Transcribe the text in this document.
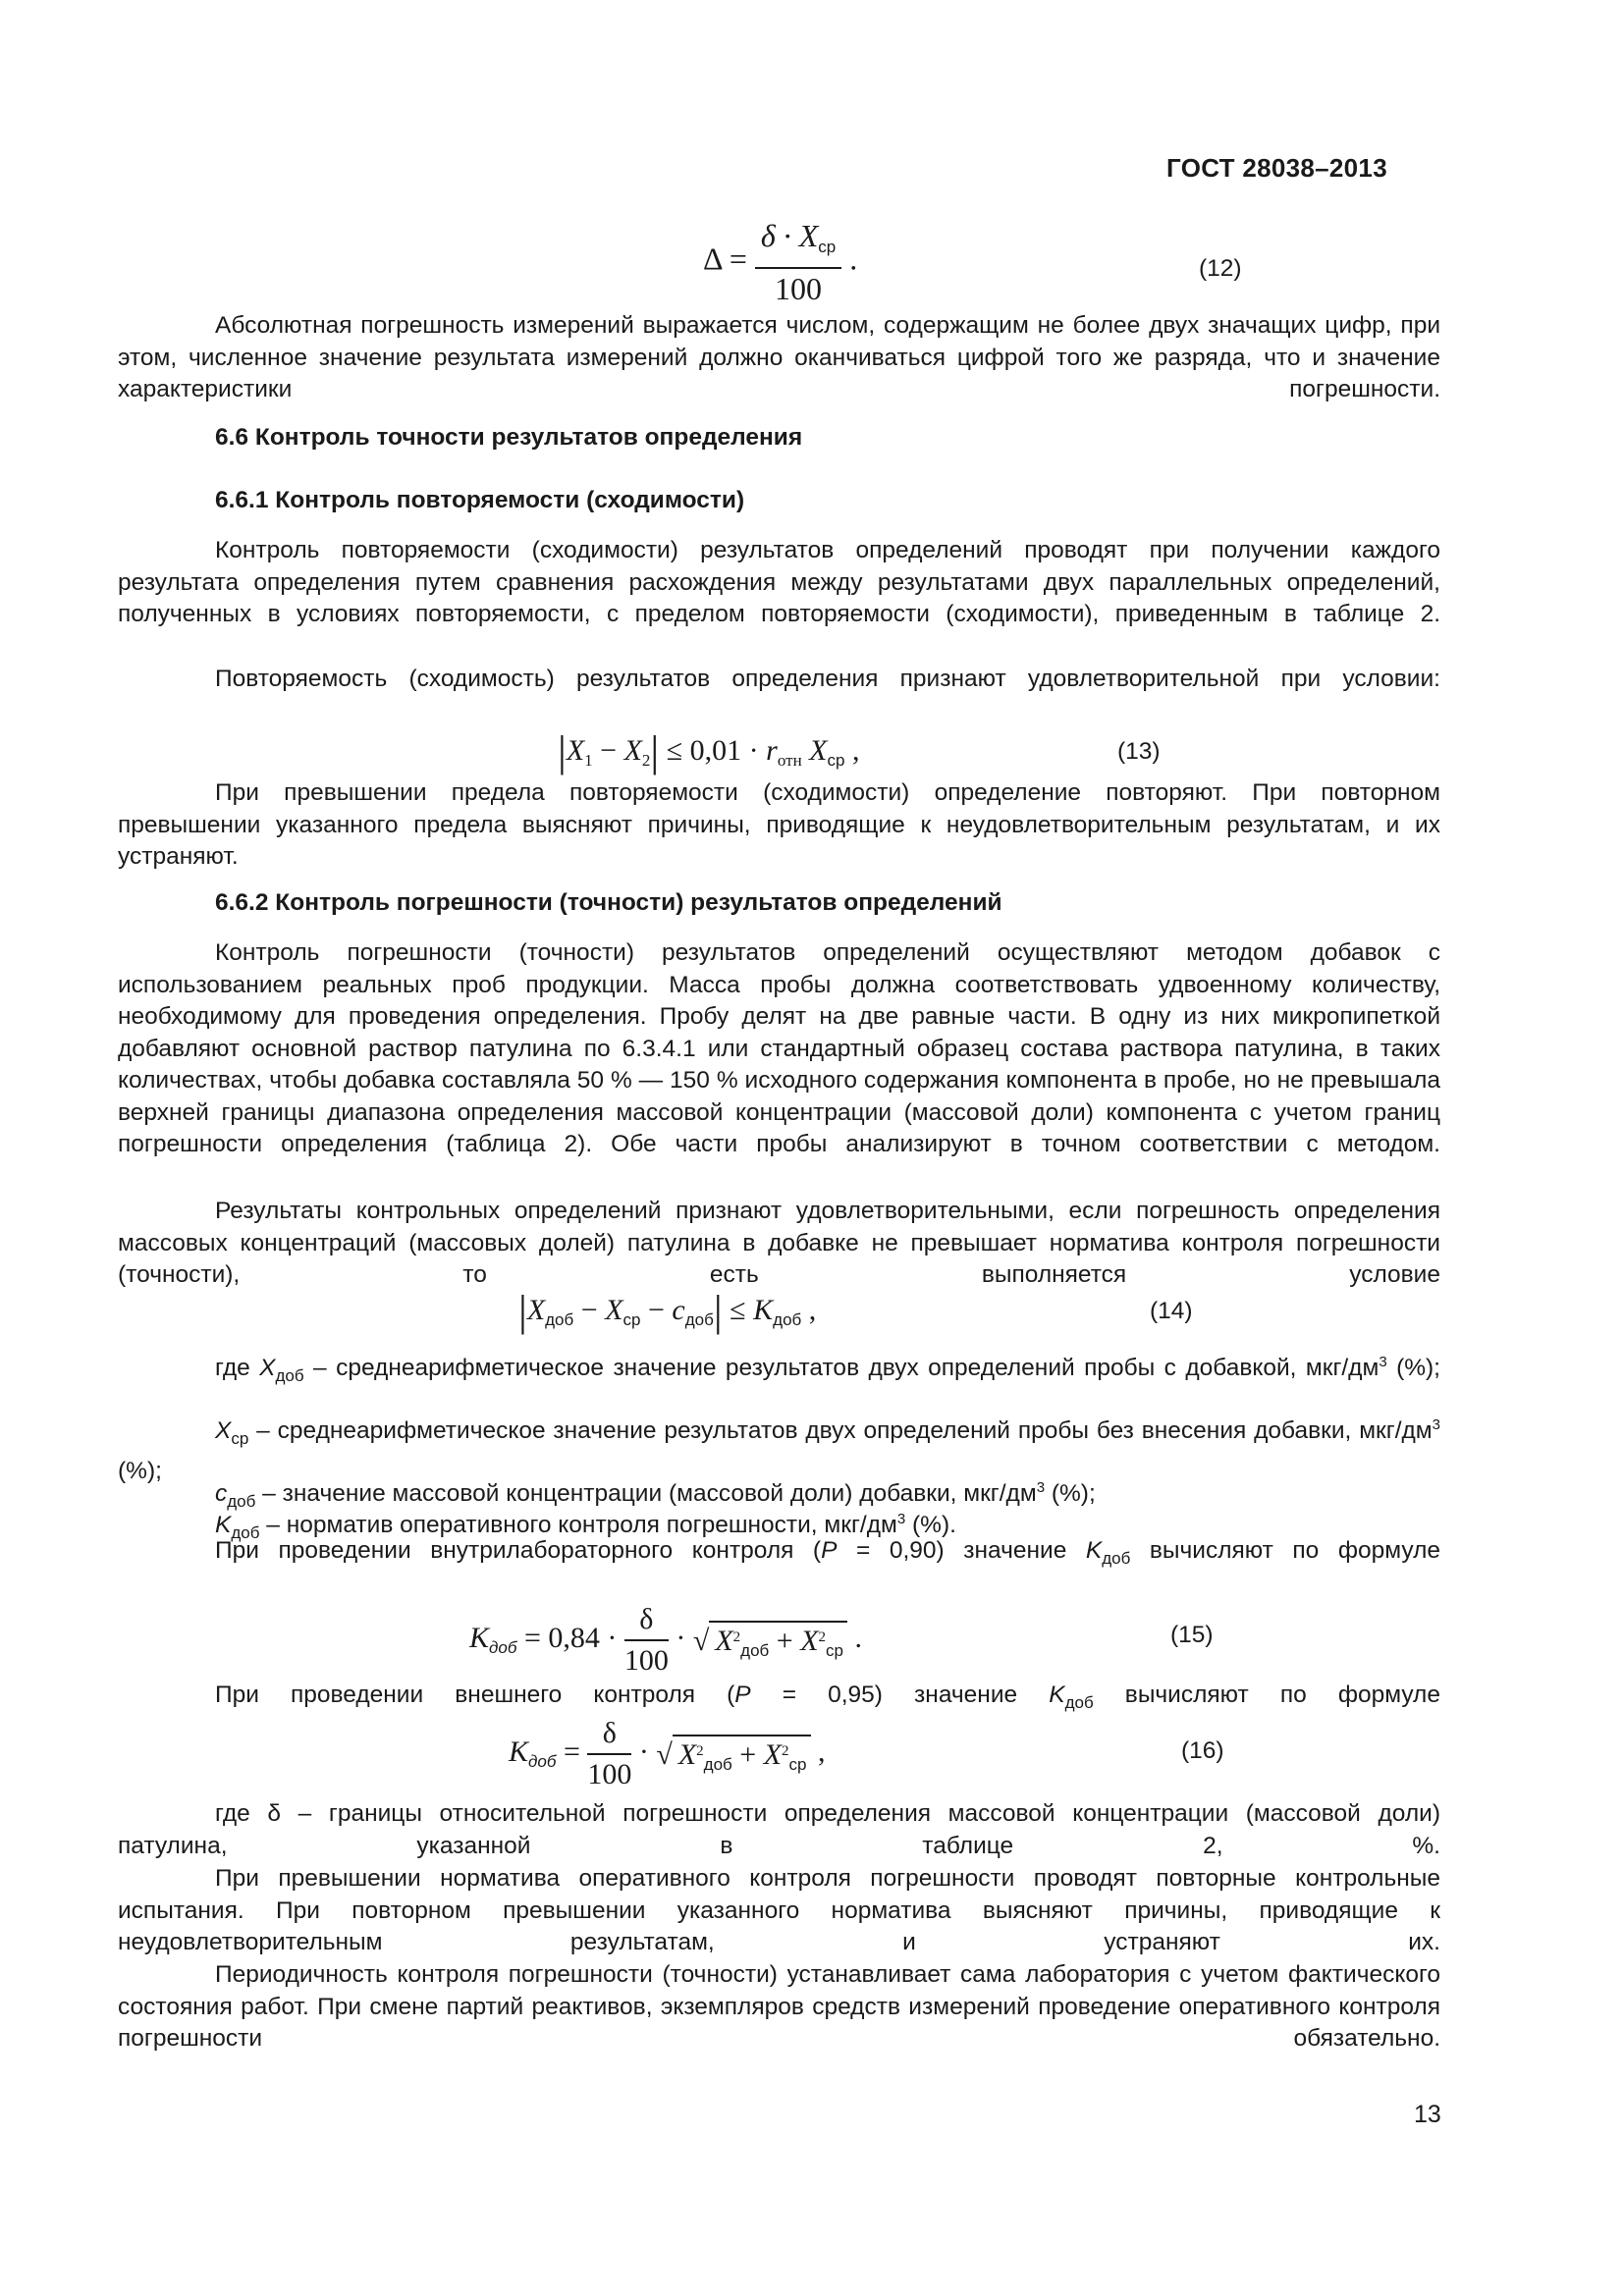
ГОСТ 28038–2013
$\Delta = \frac{\delta \cdot X_{ср}}{100}$ .	(12)

Абсолютная погрешность измерений выражается числом, содержащим не более двух значащих цифр, при этом, численное значение результата измерений должно оканчиваться цифрой того же разряда, что и значение характеристики погрешности.

6.6 Контроль точности результатов определения

6.6.1 Контроль повторяемости (сходимости)

Контроль повторяемости (сходимости) результатов определений проводят при получении каждого результата определения путем сравнения расхождения между результатами двух параллельных определений, полученных в условиях повторяемости, с пределом повторяемости (сходимости), приведенным в таблице 2.

Повторяемость (сходимость) результатов определения признают удовлетворительной при условии:

$|X_1 - X_2| \le 0,01 \cdot r_{отн}$ $X_{ср}$ ,	(13)

При превышении предела повторяемости (сходимости) определение повторяют. При повторном превышении указанного предела выясняют причины, приводящие к неудовлетворительным результатам, и их устраняют.

6.6.2 Контроль погрешности (точности) результатов определений

Контроль погрешности (точности) результатов определений осуществляют методом добавок с использованием реальных проб продукции. Масса пробы должна соответствовать удвоенному количеству, необходимому для проведения определения. Пробу делят на две равные части. В одну из них микропипеткой добавляют основной раствор патулина по 6.3.4.1 или стандартный образец состава раствора патулина, в таких количествах, чтобы добавка составляла 50 % — 150 % исходного содержания компонента в пробе, но не превышала верхней границы диапазона определения массовой концентрации (массовой доли) компонента с учетом границ погрешности определения (таблица 2). Обе части пробы анализируют в точном соответствии с методом.

Результаты контрольных определений признают удовлетворительными, если погрешность определения массовых концентраций (массовых долей) патулина в добавке не превышает норматива контроля погрешности (точности), то есть выполняется условие

$|X_{доб} - X_{ср} - c_{доб}| \le K_{доб}$ ,	(14)

где $X_{доб}$ – среднеарифметическое значение результатов двух определений пробы с добавкой, мкг/$дм^3$ (%);

$X_{ср}$ – среднеарифметическое значение результатов двух определений пробы без внесения добавки, мкг/$дм^3$ (%);

$с_{доб}$ – значение массовой концентрации (массовой доли) добавки, мкг/$дм^3$ (%);

$K_{доб}$ – норматив оперативного контроля погрешности, мкг/$дм^3$ (%).

При проведении внутрилабораторного контроля (P = 0,90) значение $K_{доб}$ вычисляют по формуле

$K_{доб} = 0,84 \cdot \frac{\delta}{100}$ · √ $X^2_{доб} + X^2_{ср}$ .	(15)

При проведении внешнего контроля (P = 0,95) значение $K_{доб}$ вычисляют по формуле

$K_{доб} = \frac{\delta}{100}$ · √ $X^2_{доб} + X^2_{ср}$ ,	(16)

где δ – границы относительной погрешности определения массовой концентрации (массовой доли) патулина, указанной в таблице 2, %.

При превышении норматива оперативного контроля погрешности проводят повторные контрольные испытания. При повторном превышении указанного норматива выясняют причины, приводящие к неудовлетворительным результатам, и устраняют их.

Периодичность контроля погрешности (точности) устанавливает сама лаборатория с учетом фактического состояния работ. При смене партий реактивов, экземпляров средств измерений проведение оперативного контроля погрешности обязательно.

13
